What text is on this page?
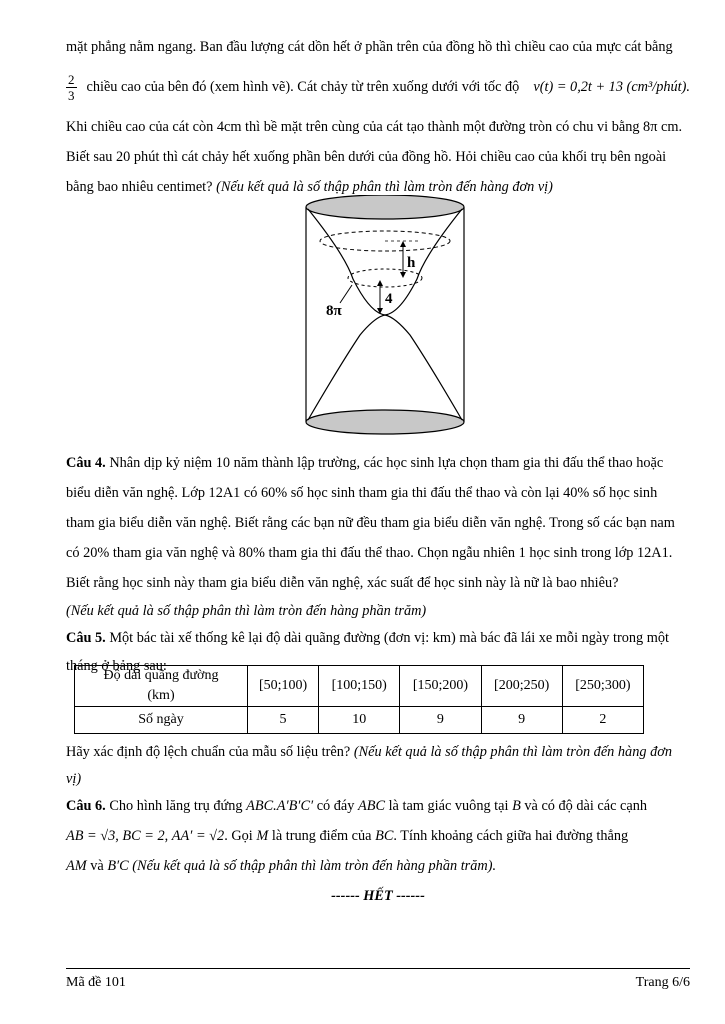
mặt phẳng nằm ngang. Ban đầu lượng cát dồn hết ở phần trên của đồng hồ thì chiều cao của mực cát bằng

$\frac{2}{3}$ chiều cao của bên đó (xem hình vẽ). Cát chảy từ trên xuống dưới với tốc độ v(t) = 0,2t + 13 (cm³/phút).

Khi chiều cao của cát còn 4cm thì bề mặt trên cùng của cát tạo thành một đường tròn có chu vi bằng 8π cm.

Biết sau 20 phút thì cát chảy hết xuống phần bên dưới của đồng hồ. Hỏi chiều cao của khối trụ bên ngoài

bằng bao nhiêu centimet? (Nếu kết quả là số thập phân thì làm tròn đến hàng đơn vị)

h
4
8π

Câu 4. Nhân dịp kỷ niệm 10 năm thành lập trường, các học sinh lựa chọn tham gia thi đấu thể thao hoặc

biểu diễn văn nghệ. Lớp 12A1 có 60% số học sinh tham gia thi đấu thể thao và còn lại 40% số học sinh

tham gia biểu diễn văn nghệ. Biết rằng các bạn nữ đều tham gia biểu diễn văn nghệ. Trong số các bạn nam

có 20% tham gia văn nghệ và 80% tham gia thi đấu thể thao. Chọn ngẫu nhiên 1 học sinh trong lớp 12A1.

Biết rằng học sinh này tham gia biểu diễn văn nghệ, xác suất để học sinh này là nữ là bao nhiêu?

(Nếu kết quả là số thập phân thì làm tròn đến hàng phần trăm)

Câu 5. Một bác tài xế thống kê lại độ dài quãng đường (đơn vị: km) mà bác đã lái xe mỗi ngày trong một

tháng ở bảng sau:

Độ dài quãng đường
(km)	[50;100)	[100;150)	[150;200)	[200;250)	[250;300)
Số ngày	5	10	9	9	2

Hãy xác định độ lệch chuẩn của mẫu số liệu trên? (Nếu kết quả là số thập phân thì làm tròn đến hàng đơn

vị)

Câu 6. Cho hình lăng trụ đứng ABC.A′B′C′ có đáy ABC là tam giác vuông tại B và có độ dài các cạnh

AB = √3, BC = 2, AA′ = √2. Gọi M là trung điểm của BC. Tính khoảng cách giữa hai đường thẳng

AM và B′C (Nếu kết quả là số thập phân thì làm tròn đến hàng phần trăm).

------ HẾT ------

Mã đề 101	Trang 6/6
